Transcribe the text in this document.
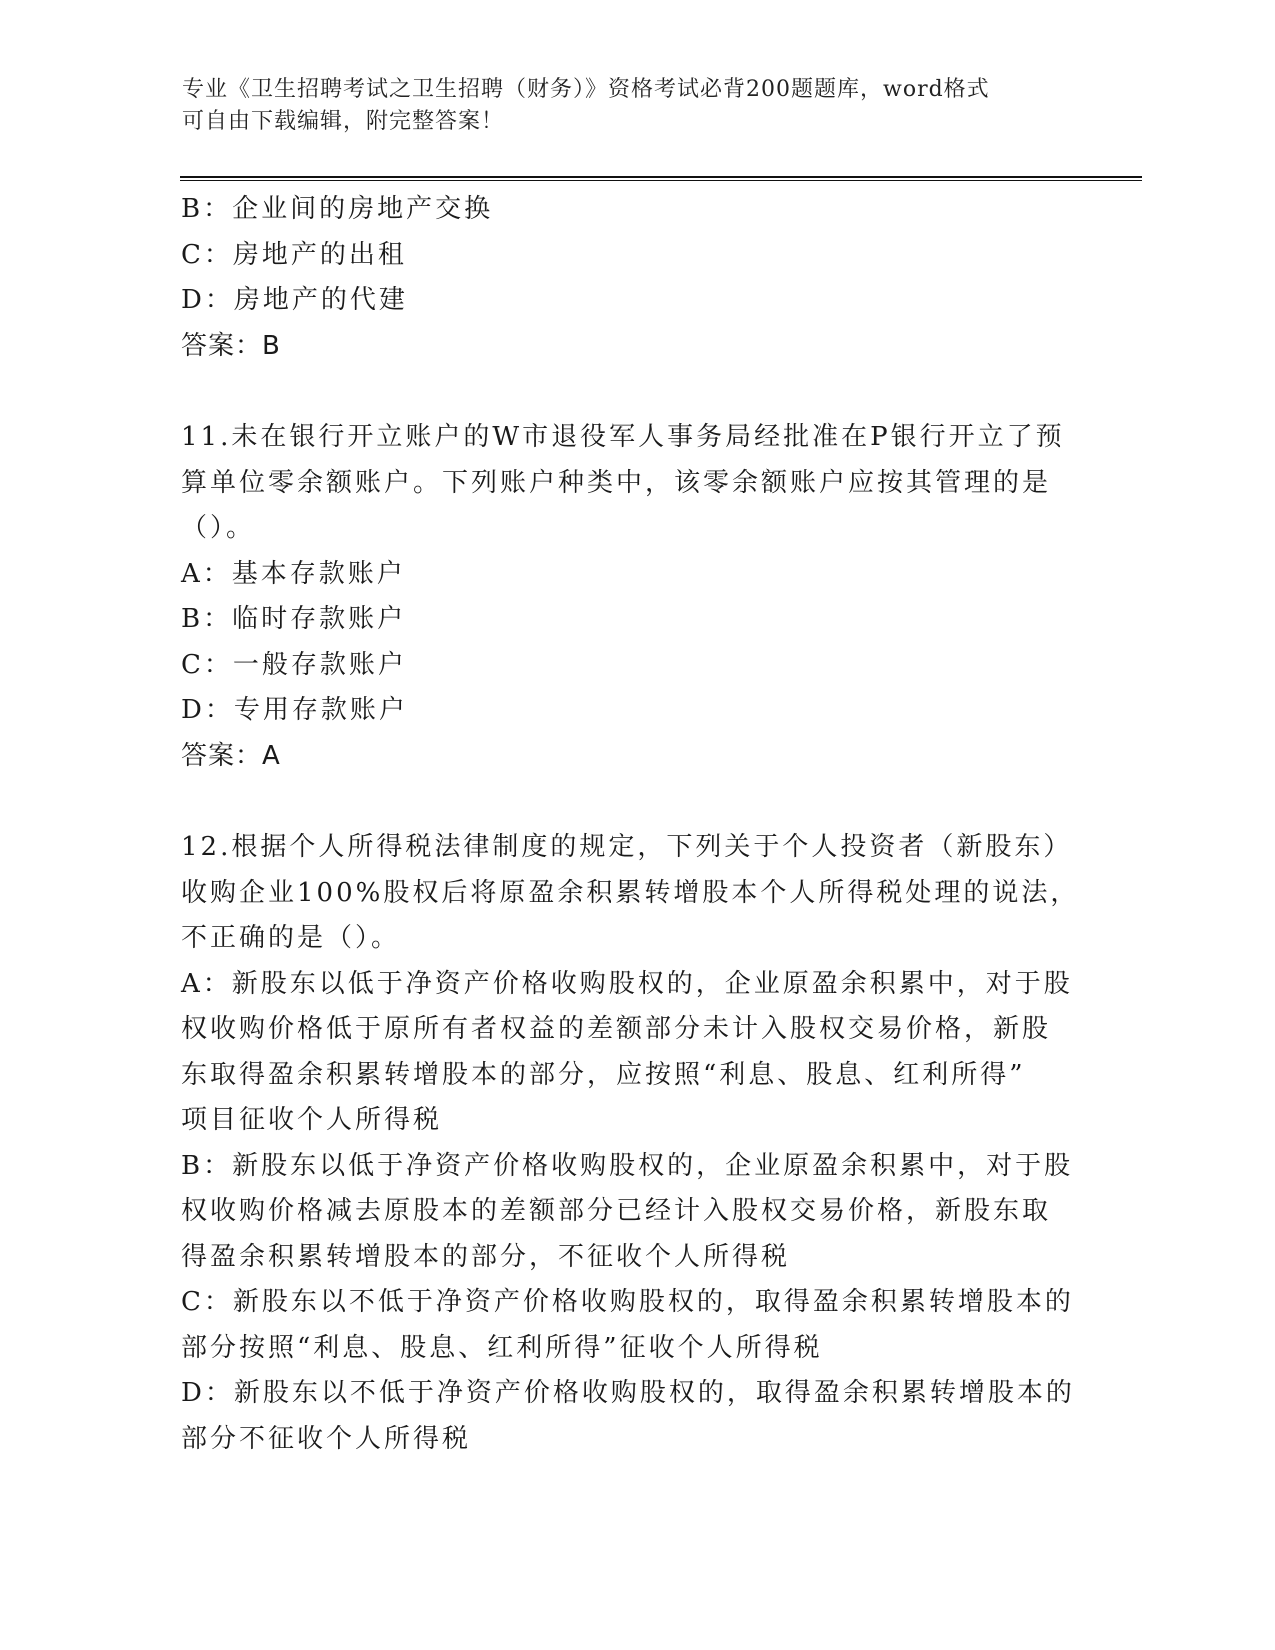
专业《卫生招聘考试之卫生招聘（财务）》资格考试必背200题题库，word格式
可自由下载编辑，附完整答案！
B：企业间的房地产交换
C：房地产的出租
D：房地产的代建
答案：B
11.未在银行开立账户的W市退役军人事务局经批准在P银行开立了预
算单位零余额账户。下列账户种类中，该零余额账户应按其管理的是
（）。
A：基本存款账户
B：临时存款账户
C：一般存款账户
D：专用存款账户
答案：A
12.根据个人所得税法律制度的规定，下列关于个人投资者（新股东）
收购企业100%股权后将原盈余积累转增股本个人所得税处理的说法，
不正确的是（）。
A：新股东以低于净资产价格收购股权的，企业原盈余积累中，对于股
权收购价格低于原所有者权益的差额部分未计入股权交易价格，新股
东取得盈余积累转增股本的部分，应按照“利息、股息、红利所得”
项目征收个人所得税
B：新股东以低于净资产价格收购股权的，企业原盈余积累中，对于股
权收购价格减去原股本的差额部分已经计入股权交易价格，新股东取
得盈余积累转增股本的部分，不征收个人所得税
C：新股东以不低于净资产价格收购股权的，取得盈余积累转增股本的
部分按照“利息、股息、红利所得”征收个人所得税
D：新股东以不低于净资产价格收购股权的，取得盈余积累转增股本的
部分不征收个人所得税
